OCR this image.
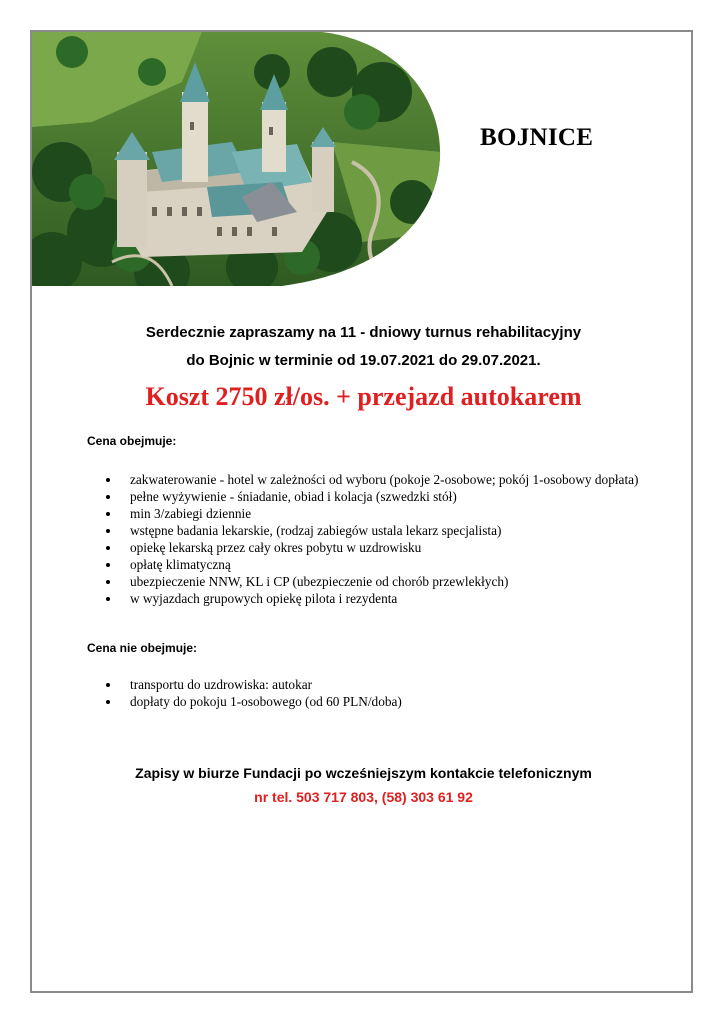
BOJNICE
Serdecznie zapraszamy na 11 - dniowy turnus rehabilitacyjny
do Bojnic w terminie od 19.07.2021 do 29.07.2021.
Koszt 2750 zł/os. + przejazd autokarem
Cena obejmuje:
zakwaterowanie - hotel w zależności od wyboru (pokoje 2-osobowe; pokój 1-osobowy dopłata)
pełne wyżywienie - śniadanie, obiad i kolacja (szwedzki stół)
min 3/zabiegi dziennie
wstępne badania lekarskie, (rodzaj zabiegów ustala lekarz specjalista)
opiekę lekarską przez cały okres pobytu w uzdrowisku
opłatę klimatyczną
ubezpieczenie NNW, KL i CP (ubezpieczenie od chorób przewlekłych)
w wyjazdach grupowych opiekę pilota i rezydenta
Cena nie obejmuje:
transportu do uzdrowiska: autokar
dopłaty do pokoju 1-osobowego (od 60 PLN/doba)
Zapisy w biurze Fundacji po wcześniejszym kontakcie telefonicznym
nr tel. 503 717 803, (58) 303 61 92
